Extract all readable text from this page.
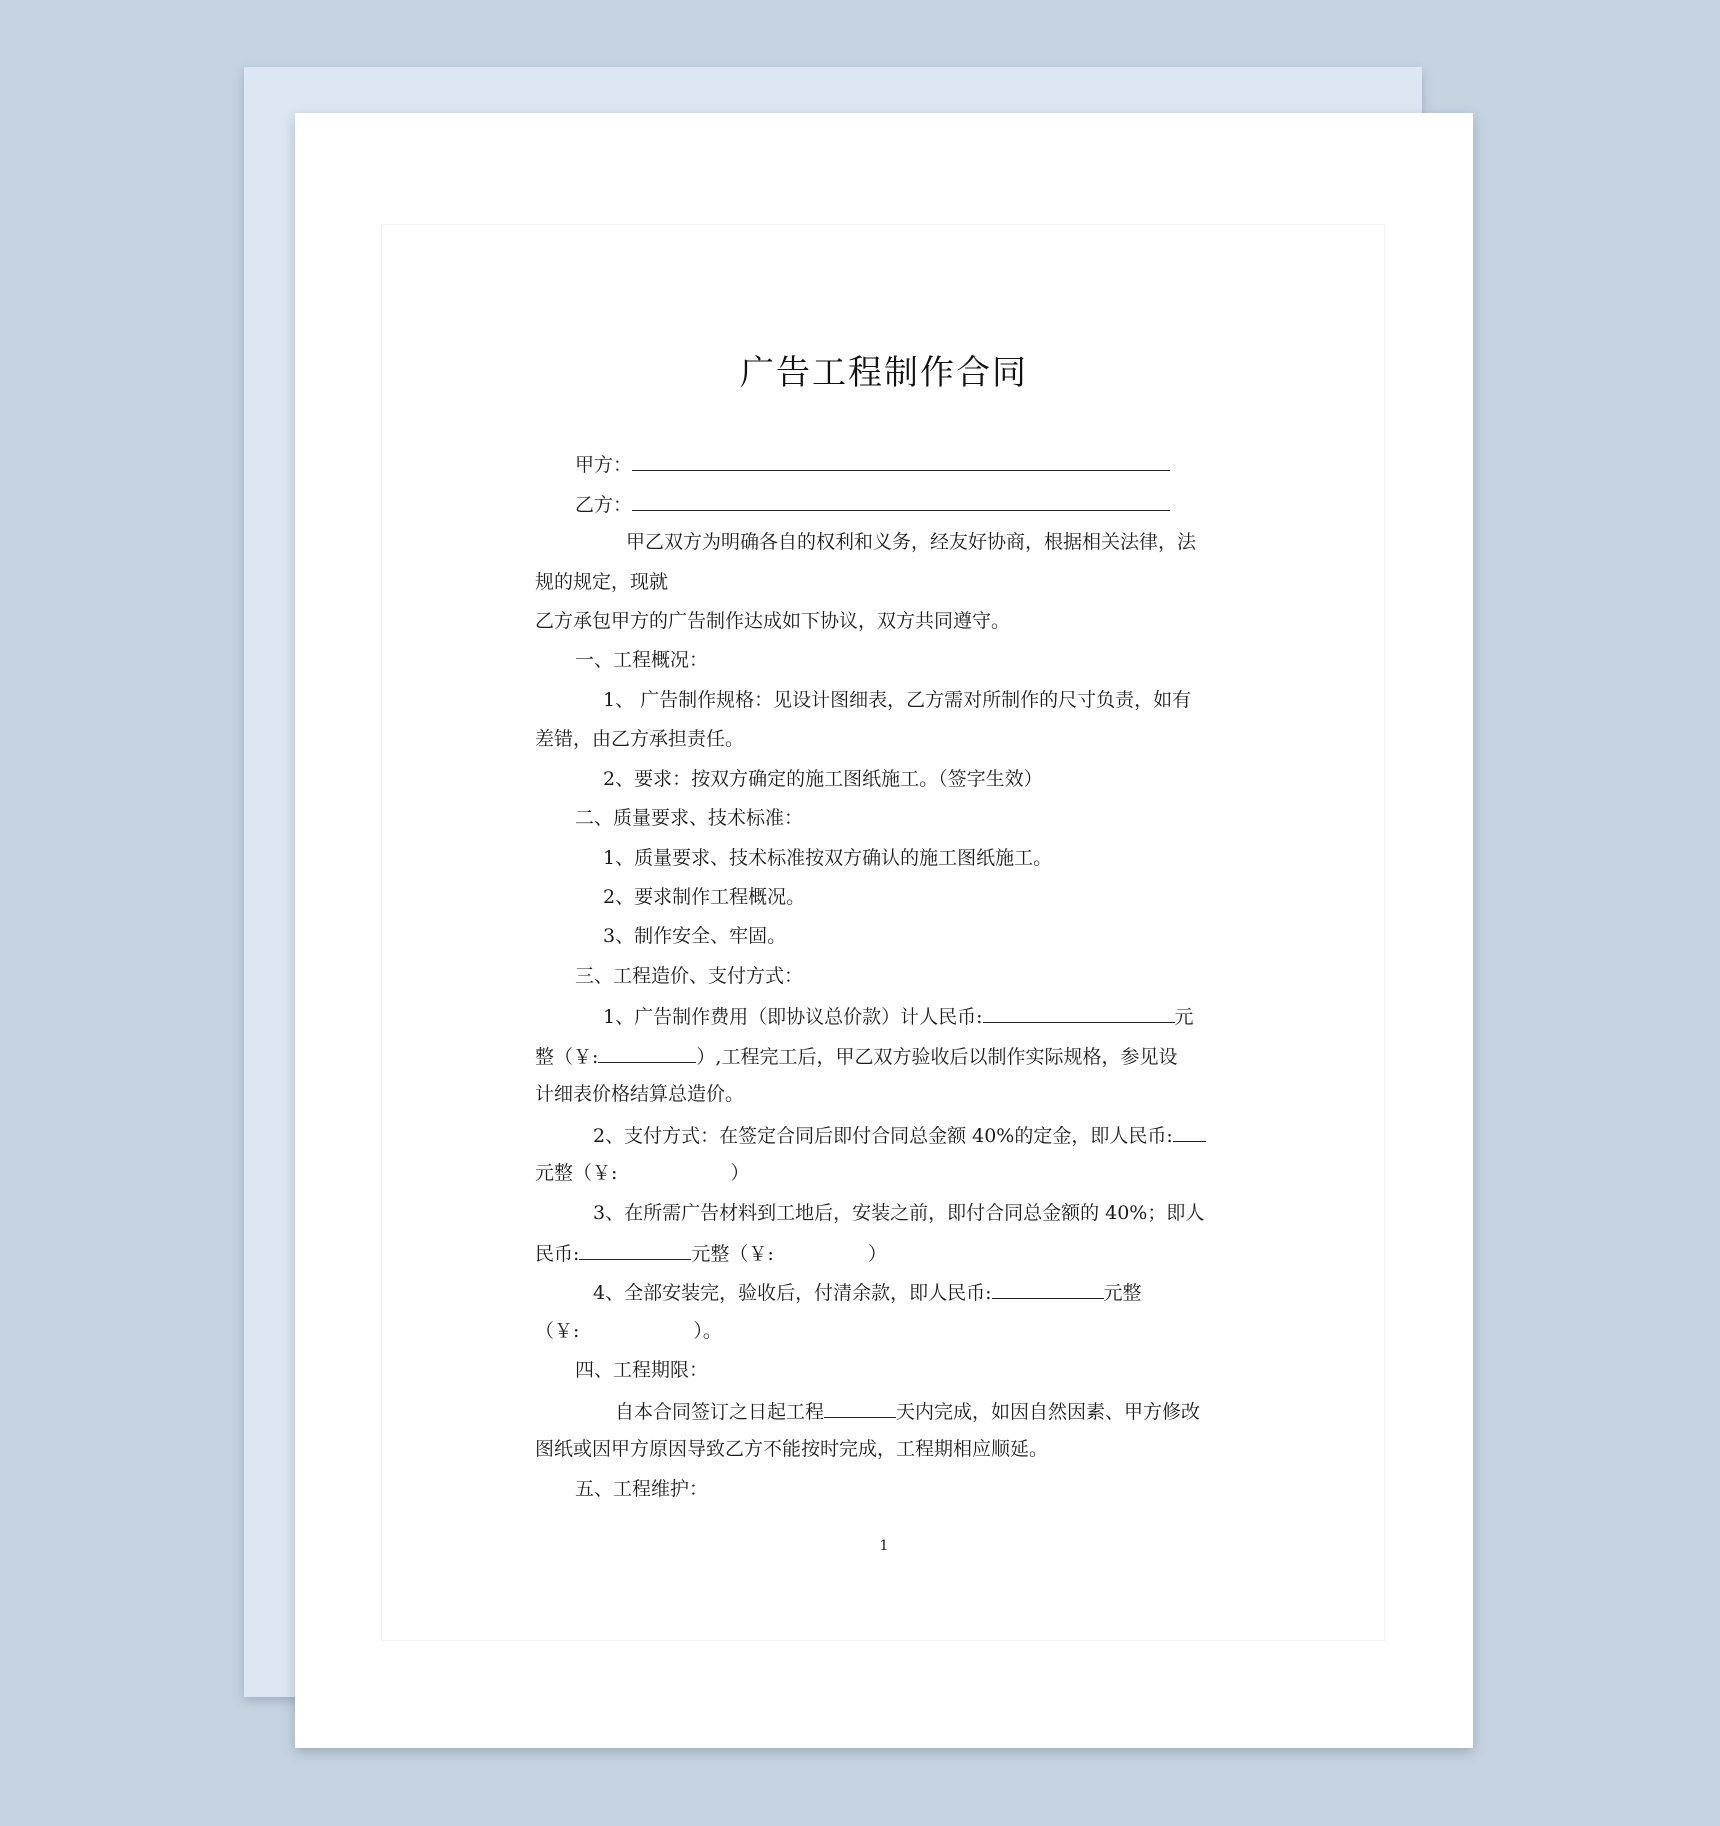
广告工程制作合同
甲方：
乙方：
甲乙双方为明确各自的权利和义务，经友好协商，根据相关法律，法
规的规定，现就
乙方承包甲方的广告制作达成如下协议，双方共同遵守。
一、工程概况：
1、 广告制作规格：见设计图细表，乙方需对所制作的尺寸负责，如有
差错，由乙方承担责任。
2、要求：按双方确定的施工图纸施工。（签字生效）
二、质量要求、技术标准：
1、质量要求、技术标准按双方确认的施工图纸施工。
2、要求制作工程概况。
3、制作安全、牢固。
三、工程造价、支付方式：
1、广告制作费用（即协议总价款）计人民币:	元
整（￥:	）,工程完工后，甲乙双方验收后以制作实际规格，参见设
计细表价格结算总造价。
2、支付方式：在签定合同后即付合同总金额 40%的定金，即人民币:
元整（￥:	）
3、在所需广告材料到工地后，安装之前，即付合同总金额的 40%；即人
民币:	元整（￥:	）
4、全部安装完，验收后，付清余款，即人民币:	元整
（￥:	）。
四、工程期限：
自本合同签订之日起工程	天内完成，如因自然因素、甲方修改
图纸或因甲方原因导致乙方不能按时完成，工程期相应顺延。
五、工程维护：
1
